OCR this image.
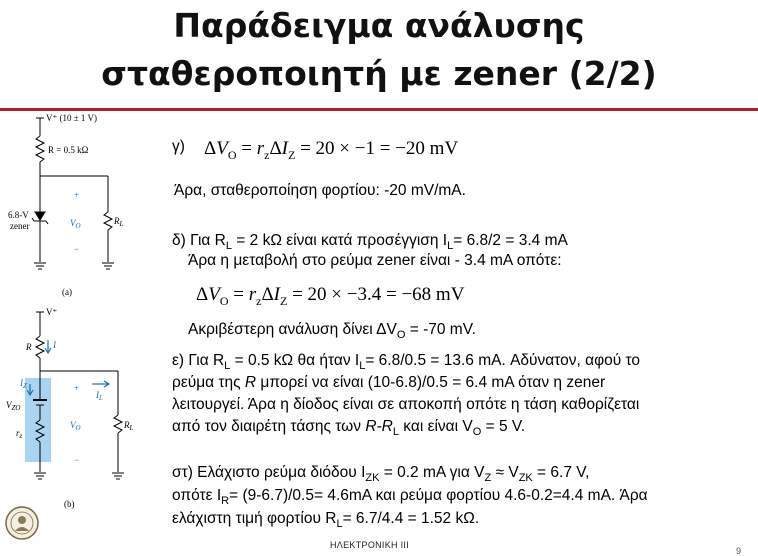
Παράδειγμα ανάλυσης
σταθεροποιητή με zener (2/2)
V⁺ (10 ± 1 V)
R = 0.5 kΩ
6.8-V
zener
+
$V_O$
−
$R_L$
(a)
V⁺
R I
$I_Z$
$I_L$
$V_{ZO}$
$r_z$
+
$V_O$
−
$R_L$
(b)
γ) $\Delta V_O = r_z\Delta I_Z = 20 \times -1 = -20$ mV
Άρα, σταθεροποίηση φορτίου: -20 mV/mA.
δ) Για $R_L = 2$ kΩ είναι κατά προσέγγιση $I_L= 6.8/2 = 3.4$ mA
Άρα η μεταβολή στο ρεύμα zener είναι - 3.4 mA οπότε:
$\Delta V_O = r_z\Delta I_Z = 20 \times -3.4 = -68$ mV
Ακριβέστερη ανάλυση δίνει $\Delta V_O = -70$ mV.
ε) Για $R_L = 0.5$ kΩ θα ήταν $I_L= 6.8/0.5 = 13.6$ mA. Αδύνατον, αφού το
ρεύμα της R μπορεί να είναι (10-6.8)/0.5 = 6.4 mA όταν η zener
λειτουργεί. Άρα η δίοδος είναι σε αποκοπή οπότε η τάση καθορίζεται
από τον διαιρέτη τάσης των $R-R_L$ και είναι $V_O = 5$ V.
στ) Ελάχιστο ρεύμα διόδου $I_{ZK} = 0.2$ mA για $V_Z \approx V_{ZK} = 6.7$ V,
οπότε $I_R= (9-6.7)/0.5= 4.6mA$ και ρεύμα φορτίου 4.6-0.2=4.4 mA. Άρα
ελάχιστη τιμή φορτίου $R_L= 6.7/4.4 = 1.52$ kΩ.
ΗΛΕΚΤΡΟΝΙΚΗ ΙΙΙ
9
